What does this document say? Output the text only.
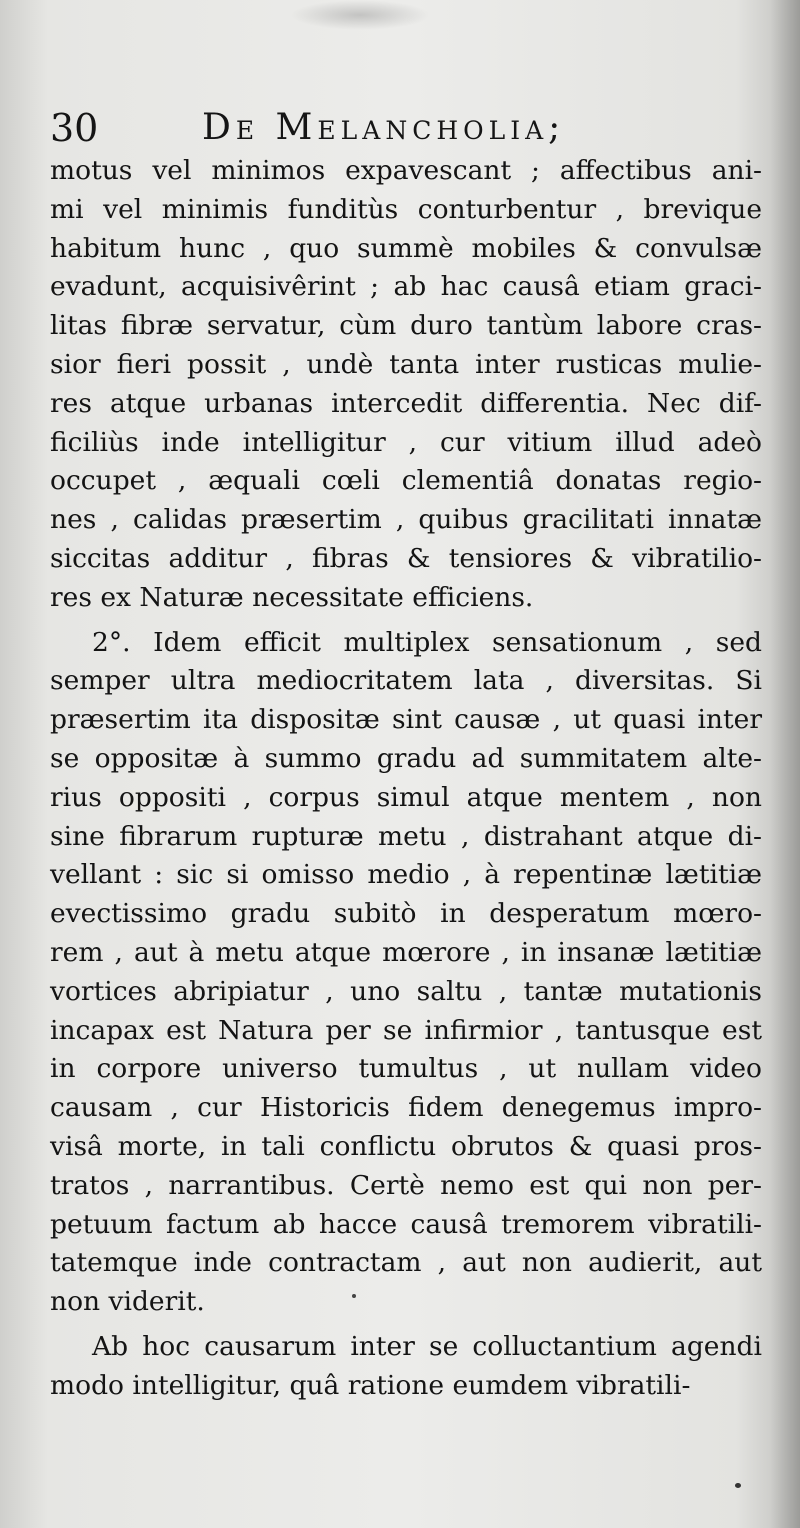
30	De Melancholia;
motus vel minimos expavescant ; affectibus ani-
mi vel minimis funditùs conturbentur , brevique
habitum hunc , quo summè mobiles & convulsæ
evadunt, acquisivêrint ; ab hac causâ etiam graci-
litas fibræ servatur, cùm duro tantùm labore cras-
sior fieri possit , undè tanta inter rusticas mulie-
res atque urbanas intercedit differentia. Nec dif-
ficiliùs inde intelligitur , cur vitium illud adeò
occupet , æquali cœli clementiâ donatas regio-
nes , calidas præsertim , quibus gracilitati innatæ
siccitas additur , fibras & tensiores & vibratilio-
res ex Naturæ necessitate efficiens.
2°. Idem efficit multiplex sensationum , sed
semper ultra mediocritatem lata , diversitas. Si
præsertim ita dispositæ sint causæ , ut quasi inter
se oppositæ à summo gradu ad summitatem alte-
rius oppositi , corpus simul atque mentem , non
sine fibrarum rupturæ metu , distrahant atque di-
vellant : sic si omisso medio , à repentinæ lætitiæ
evectissimo gradu subitò in desperatum mœro-
rem , aut à metu atque mœrore , in insanæ lætitiæ
vortices abripiatur , uno saltu , tantæ mutationis
incapax est Natura per se infirmior , tantusque est
in corpore universo tumultus , ut nullam video
causam , cur Historicis fidem denegemus impro-
visâ morte, in tali conflictu obrutos & quasi pros-
tratos , narrantibus. Certè nemo est qui non per-
petuum factum ab hacce causâ tremorem vibratili-
tatemque inde contractam , aut non audierit, aut
non viderit.
Ab hoc causarum inter se colluctantium agendi
modo intelligitur, quâ ratione eumdem vibratili-
